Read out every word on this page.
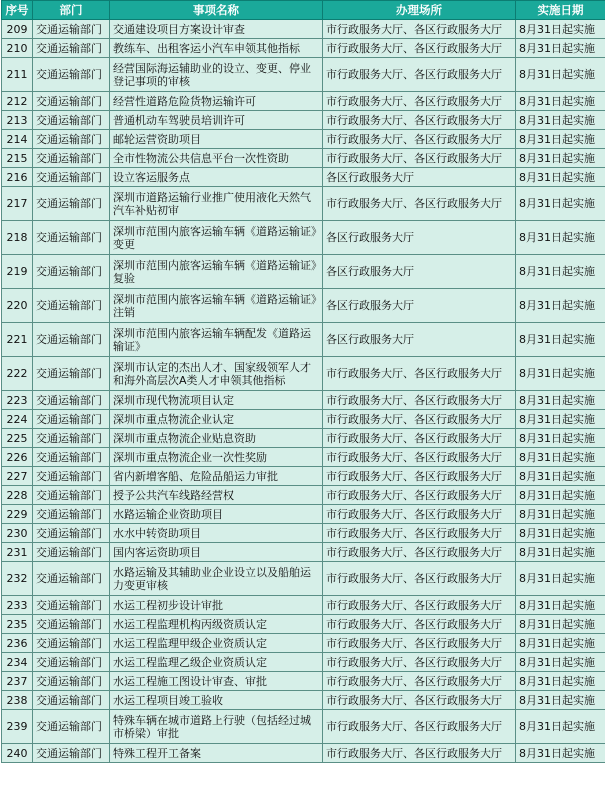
序号	部门	事项名称	办理场所	实施日期
209	交通运输部门	交通建设项目方案设计审查	市行政服务大厅、各区行政服务大厅	8月31日起实施
210	交通运输部门	教练车、出租客运小汽车申领其他指标	市行政服务大厅、各区行政服务大厅	8月31日起实施
211	交通运输部门	经营国际海运辅助业的设立、变更、停业登记事项的审核	市行政服务大厅、各区行政服务大厅	8月31日起实施
212	交通运输部门	经营性道路危险货物运输许可	市行政服务大厅、各区行政服务大厅	8月31日起实施
213	交通运输部门	普通机动车驾驶员培训许可	市行政服务大厅、各区行政服务大厅	8月31日起实施
214	交通运输部门	邮轮运营资助项目	市行政服务大厅、各区行政服务大厅	8月31日起实施
215	交通运输部门	全市性物流公共信息平台一次性资助	市行政服务大厅、各区行政服务大厅	8月31日起实施
216	交通运输部门	设立客运服务点	各区行政服务大厅	8月31日起实施
217	交通运输部门	深圳市道路运输行业推广使用液化天然气汽车补贴初审	市行政服务大厅、各区行政服务大厅	8月31日起实施
218	交通运输部门	深圳市范围内旅客运输车辆《道路运输证》变更	各区行政服务大厅	8月31日起实施
219	交通运输部门	深圳市范围内旅客运输车辆《道路运输证》复验	各区行政服务大厅	8月31日起实施
220	交通运输部门	深圳市范围内旅客运输车辆《道路运输证》注销	各区行政服务大厅	8月31日起实施
221	交通运输部门	深圳市范围内旅客运输车辆配发《道路运输证》	各区行政服务大厅	8月31日起实施
222	交通运输部门	深圳市认定的杰出人才、国家级领军人才和海外高层次A类人才申领其他指标	市行政服务大厅、各区行政服务大厅	8月31日起实施
223	交通运输部门	深圳市现代物流项目认定	市行政服务大厅、各区行政服务大厅	8月31日起实施
224	交通运输部门	深圳市重点物流企业认定	市行政服务大厅、各区行政服务大厅	8月31日起实施
225	交通运输部门	深圳市重点物流企业贴息资助	市行政服务大厅、各区行政服务大厅	8月31日起实施
226	交通运输部门	深圳市重点物流企业一次性奖励	市行政服务大厅、各区行政服务大厅	8月31日起实施
227	交通运输部门	省内新增客船、危险品船运力审批	市行政服务大厅、各区行政服务大厅	8月31日起实施
228	交通运输部门	授予公共汽车线路经营权	市行政服务大厅、各区行政服务大厅	8月31日起实施
229	交通运输部门	水路运输企业资助项目	市行政服务大厅、各区行政服务大厅	8月31日起实施
230	交通运输部门	水水中转资助项目	市行政服务大厅、各区行政服务大厅	8月31日起实施
231	交通运输部门	国内客运资助项目	市行政服务大厅、各区行政服务大厅	8月31日起实施
232	交通运输部门	水路运输及其辅助业企业设立以及船舶运力变更审核	市行政服务大厅、各区行政服务大厅	8月31日起实施
233	交通运输部门	水运工程初步设计审批	市行政服务大厅、各区行政服务大厅	8月31日起实施
235	交通运输部门	水运工程监理机构丙级资质认定	市行政服务大厅、各区行政服务大厅	8月31日起实施
236	交通运输部门	水运工程监理甲级企业资质认定	市行政服务大厅、各区行政服务大厅	8月31日起实施
234	交通运输部门	水运工程监理乙级企业资质认定	市行政服务大厅、各区行政服务大厅	8月31日起实施
237	交通运输部门	水运工程施工图设计审查、审批	市行政服务大厅、各区行政服务大厅	8月31日起实施
238	交通运输部门	水运工程项目竣工验收	市行政服务大厅、各区行政服务大厅	8月31日起实施
239	交通运输部门	特殊车辆在城市道路上行驶（包括经过城市桥梁）审批	市行政服务大厅、各区行政服务大厅	8月31日起实施
240	交通运输部门	特殊工程开工备案	市行政服务大厅、各区行政服务大厅	8月31日起实施
